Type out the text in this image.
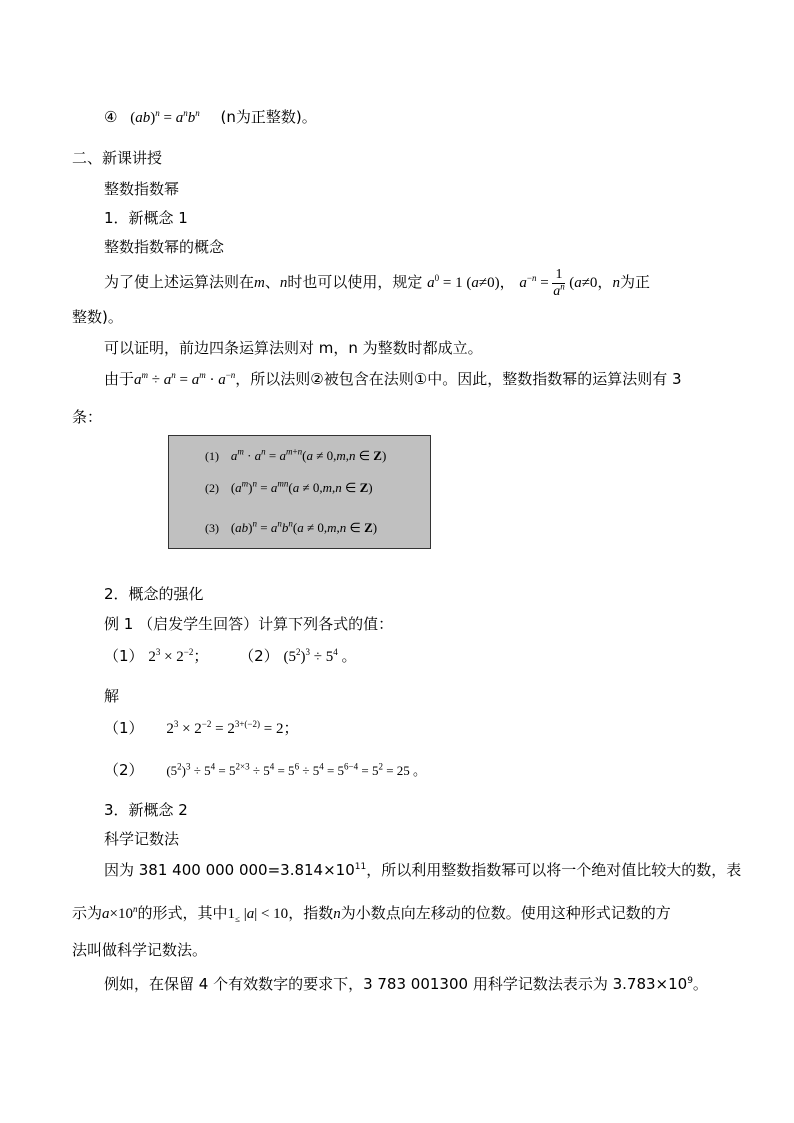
④ $(ab)^n = a^nb^n$ (n为正整数)。
二、新课讲授
整数指数幂
1．新概念 1
整数指数幂的概念
为了使上述运算法则在m、n时也可以使用，规定 $a^0 = 1$ (a≠0)， $a^{-n} = \frac{1}{a^n} (a\ne 0$，n为正
整数)。
可以证明，前边四条运算法则对 m，n 为整数时都成立。
由于$a^m \div a^n = a^m \cdot a^{-n}$，所以法则②被包含在法则①中。因此，整数指数幂的运算法则有 3
条：
(1) $a^m \cdot a^n = a^{m+n}(a \ne 0,m,n$ ∈ Z)
(2) $(a^m)^n = a^{mn}(a \ne 0,m,n$ ∈ Z)
(3) $(ab)^n = a^nb^n(a \ne 0,m,n$ ∈ Z)
2．概念的强化
例 1 （启发学生回答）计算下列各式的值：
（1） $2^3 \times 2^{-2}$； （2） $(5^2)^3 \div 5^4$ 。
解
（1） $2^3 \times 2^{-2} = 2^{3+(-2)} = 2$；
（2） $(5^2)^3 \div 5^4 = 5^{2\times 3} \div 5^4 = 5^6 \div 5^4 = 5^{6-4} = 5^2 = 25$ 。
3．新概念 2
科学记数法
因为 381 400 000 $000=3.814\times 10^{11}$，所以利用整数指数幂可以将一个绝对值比较大的数，表
示为$a\times 10^n$的形式，其中$1_\le$ |a| < 10，指数n为小数点向左移动的位数。使用这种形式记数的方
法叫做科学记数法。
例如，在保留 4 个有效数字的要求下，3 783 001300 用科学记数法表示为 $3.783\times 10^9$。
